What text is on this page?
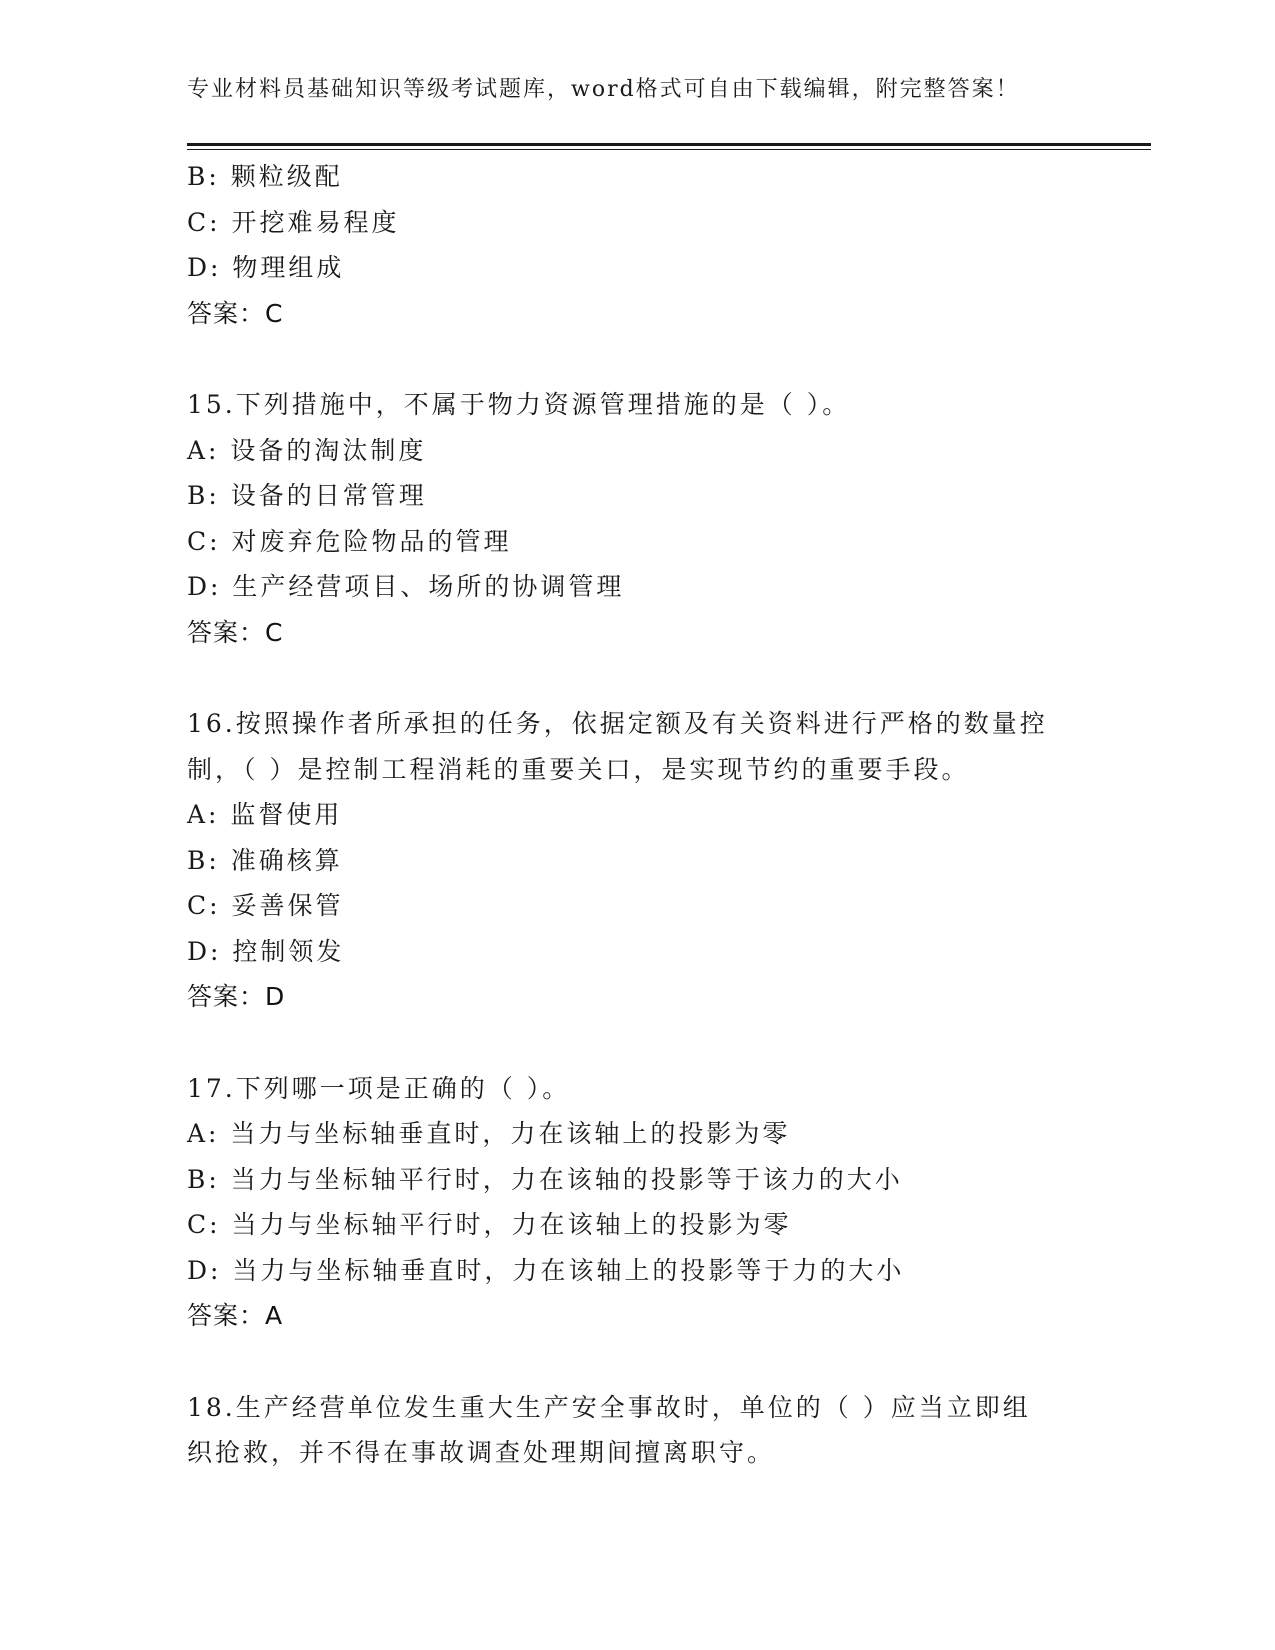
专业材料员基础知识等级考试题库，word格式可自由下载编辑，附完整答案！
B: 颗粒级配
C: 开挖难易程度
D: 物理组成
答案：C
15.下列措施中，不属于物力资源管理措施的是（ ）。
A: 设备的淘汰制度
B: 设备的日常管理
C: 对废弃危险物品的管理
D: 生产经营项目、场所的协调管理
答案：C
16.按照操作者所承担的任务，依据定额及有关资料进行严格的数量控
制，（ ）是控制工程消耗的重要关口，是实现节约的重要手段。
A: 监督使用
B: 准确核算
C: 妥善保管
D: 控制领发
答案：D
17.下列哪一项是正确的（ ）。
A: 当力与坐标轴垂直时，力在该轴上的投影为零
B: 当力与坐标轴平行时，力在该轴的投影等于该力的大小
C: 当力与坐标轴平行时，力在该轴上的投影为零
D: 当力与坐标轴垂直时，力在该轴上的投影等于力的大小
答案：A
18.生产经营单位发生重大生产安全事故时，单位的（ ）应当立即组
织抢救，并不得在事故调查处理期间擅离职守。
